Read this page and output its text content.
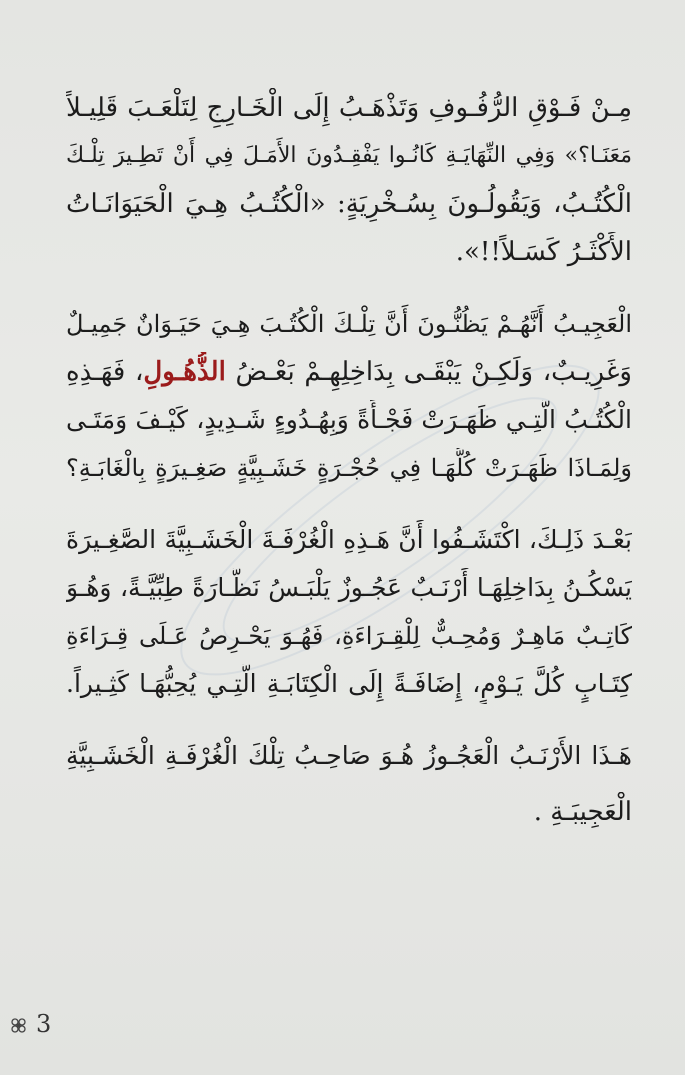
مِـنْ فَـوْقِ الرُّفُـوفِ وَتَذْهَـبُ إِلَى الْخَـارِجِ لِتَلْعَـبَ قَلِيـلاً
مَعَنَـا؟» وَفِي النِّهَايَـةِ كَانُـوا يَفْقِـدُونَ الأَمَـلَ فِي أَنْ تَطِـيرَ تِلْـكَ
الْكُتُـبُ، وَيَقُولُـونَ بِسُـخْرِيَةٍ: «الْكُتُـبُ هِـيَ الْحَيَوَانَـاتُ
الأَكْثَـرُ كَسَـلاً!!».
الْعَجِيـبُ أَنَّهُـمْ يَظُنُّـونَ أَنَّ تِلْـكَ الْكُتُـبَ هِـيَ حَيَـوَانٌ جَمِيـلٌ
وَغَرِيـبٌ، وَلَكِـنْ يَبْقَـى بِدَاخِلِهِـمْ بَعْـضُ الذُّهُـولِ، فَهَـذِهِ
الْكُتُـبُ الَّتِـي ظَهَـرَتْ فَجْـأَةً وَبِهُـدُوءٍ شَـدِيدٍ، كَيْـفَ وَمَتَـى
وَلِمَـاذَا ظَهَـرَتْ كُلُّهَـا فِي حُجْـرَةٍ خَشَـبِيَّةٍ صَغِـيرَةٍ بِالْغَابَـةِ؟
بَعْـدَ ذَلِـكَ، اكْتَشَـفُوا أَنَّ هَـذِهِ الْغُرْفَـةَ الْخَشَـبِيَّةَ الصَّغِـيرَةَ
يَسْكُـنُ بِدَاخِلِهَـا أَرْنَـبٌ عَجُـوزٌ يَلْبَـسُ نَظَّـارَةً طِبِّيَّـةً، وَهُـوَ
كَاتِـبٌ مَاهِـرٌ وَمُحِـبٌّ لِلْقِـرَاءَةِ، فَهُـوَ يَحْـرِصُ عَـلَى قِـرَاءَةِ
كِتَـابٍ كُلَّ يَـوْمٍ، إِضَافَـةً إِلَى الْكِتَابَـةِ الَّتِـي يُحِبُّهَـا كَثِـيراً.
هَـذَا الأَرْنَـبُ الْعَجُـوزُ هُـوَ صَاحِـبُ تِلْكَ الْغُرْفَـةِ الْخَشَـبِيَّةِ
الْعَجِيبَـةِ .
3
